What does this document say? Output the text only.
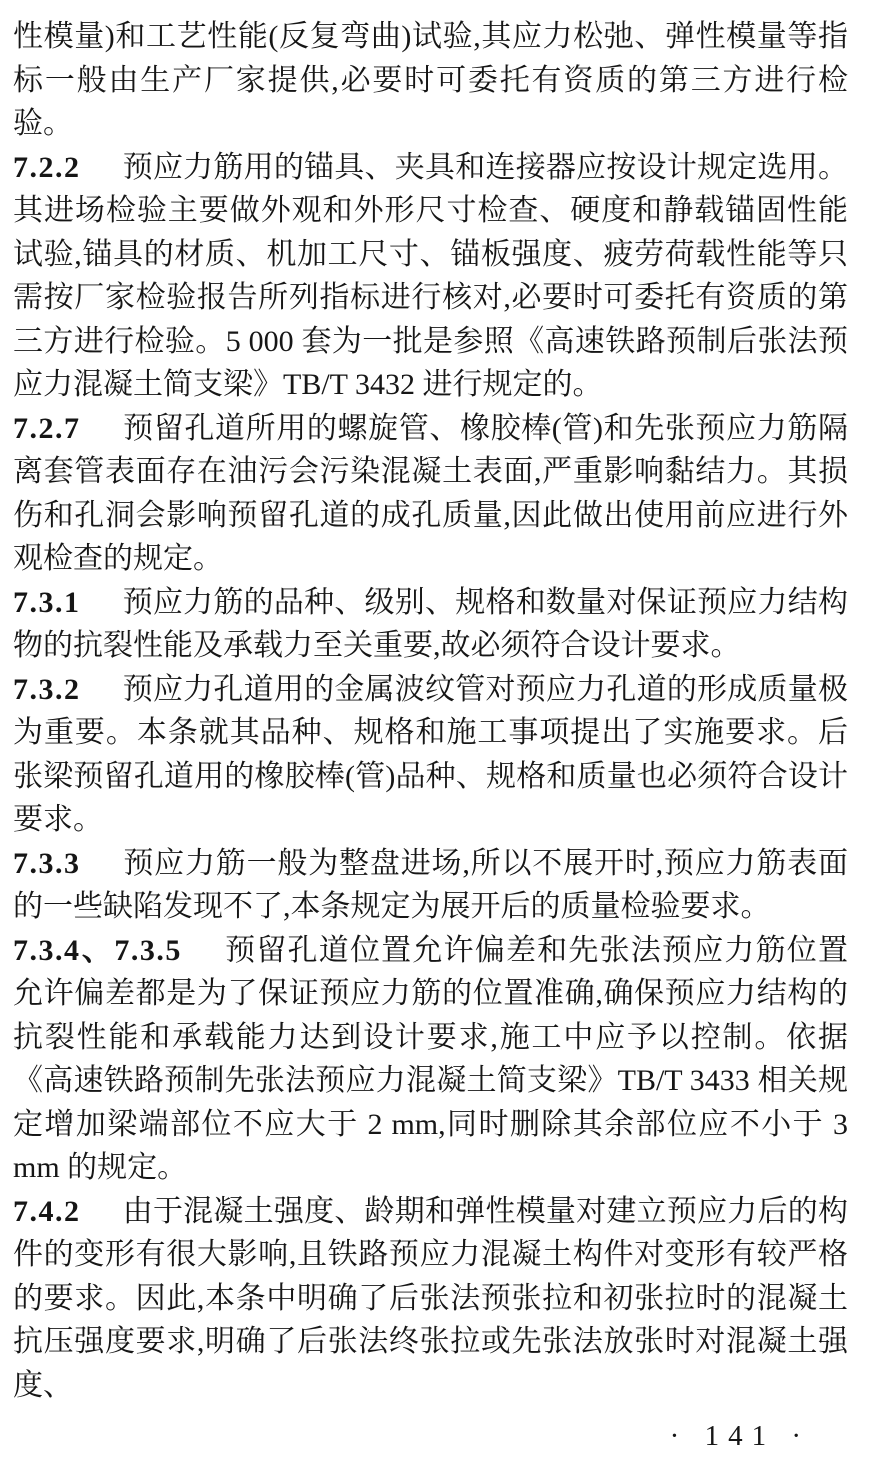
性模量)和工艺性能(反复弯曲)试验,其应力松弛、弹性模量等指标一般由生产厂家提供,必要时可委托有资质的第三方进行检验。

7.2.2 预应力筋用的锚具、夹具和连接器应按设计规定选用。其进场检验主要做外观和外形尺寸检查、硬度和静载锚固性能试验,锚具的材质、机加工尺寸、锚板强度、疲劳荷载性能等只需按厂家检验报告所列指标进行核对,必要时可委托有资质的第三方进行检验。5 000 套为一批是参照《高速铁路预制后张法预应力混凝土简支梁》TB/T 3432 进行规定的。

7.2.7 预留孔道所用的螺旋管、橡胶棒(管)和先张预应力筋隔离套管表面存在油污会污染混凝土表面,严重影响黏结力。其损伤和孔洞会影响预留孔道的成孔质量,因此做出使用前应进行外观检查的规定。

7.3.1 预应力筋的品种、级别、规格和数量对保证预应力结构物的抗裂性能及承载力至关重要,故必须符合设计要求。

7.3.2 预应力孔道用的金属波纹管对预应力孔道的形成质量极为重要。本条就其品种、规格和施工事项提出了实施要求。后张梁预留孔道用的橡胶棒(管)品种、规格和质量也必须符合设计要求。

7.3.3 预应力筋一般为整盘进场,所以不展开时,预应力筋表面的一些缺陷发现不了,本条规定为展开后的质量检验要求。

7.3.4、7.3.5 预留孔道位置允许偏差和先张法预应力筋位置允许偏差都是为了保证预应力筋的位置准确,确保预应力结构的抗裂性能和承载能力达到设计要求,施工中应予以控制。依据《高速铁路预制先张法预应力混凝土简支梁》TB/T 3433 相关规定增加梁端部位不应大于 2 mm,同时删除其余部位应不小于 3 mm 的规定。

7.4.2 由于混凝土强度、龄期和弹性模量对建立预应力后的构件的变形有很大影响,且铁路预应力混凝土构件对变形有较严格的要求。因此,本条中明确了后张法预张拉和初张拉时的混凝土抗压强度要求,明确了后张法终张拉或先张法放张时对混凝土强度、

· 141 ·
